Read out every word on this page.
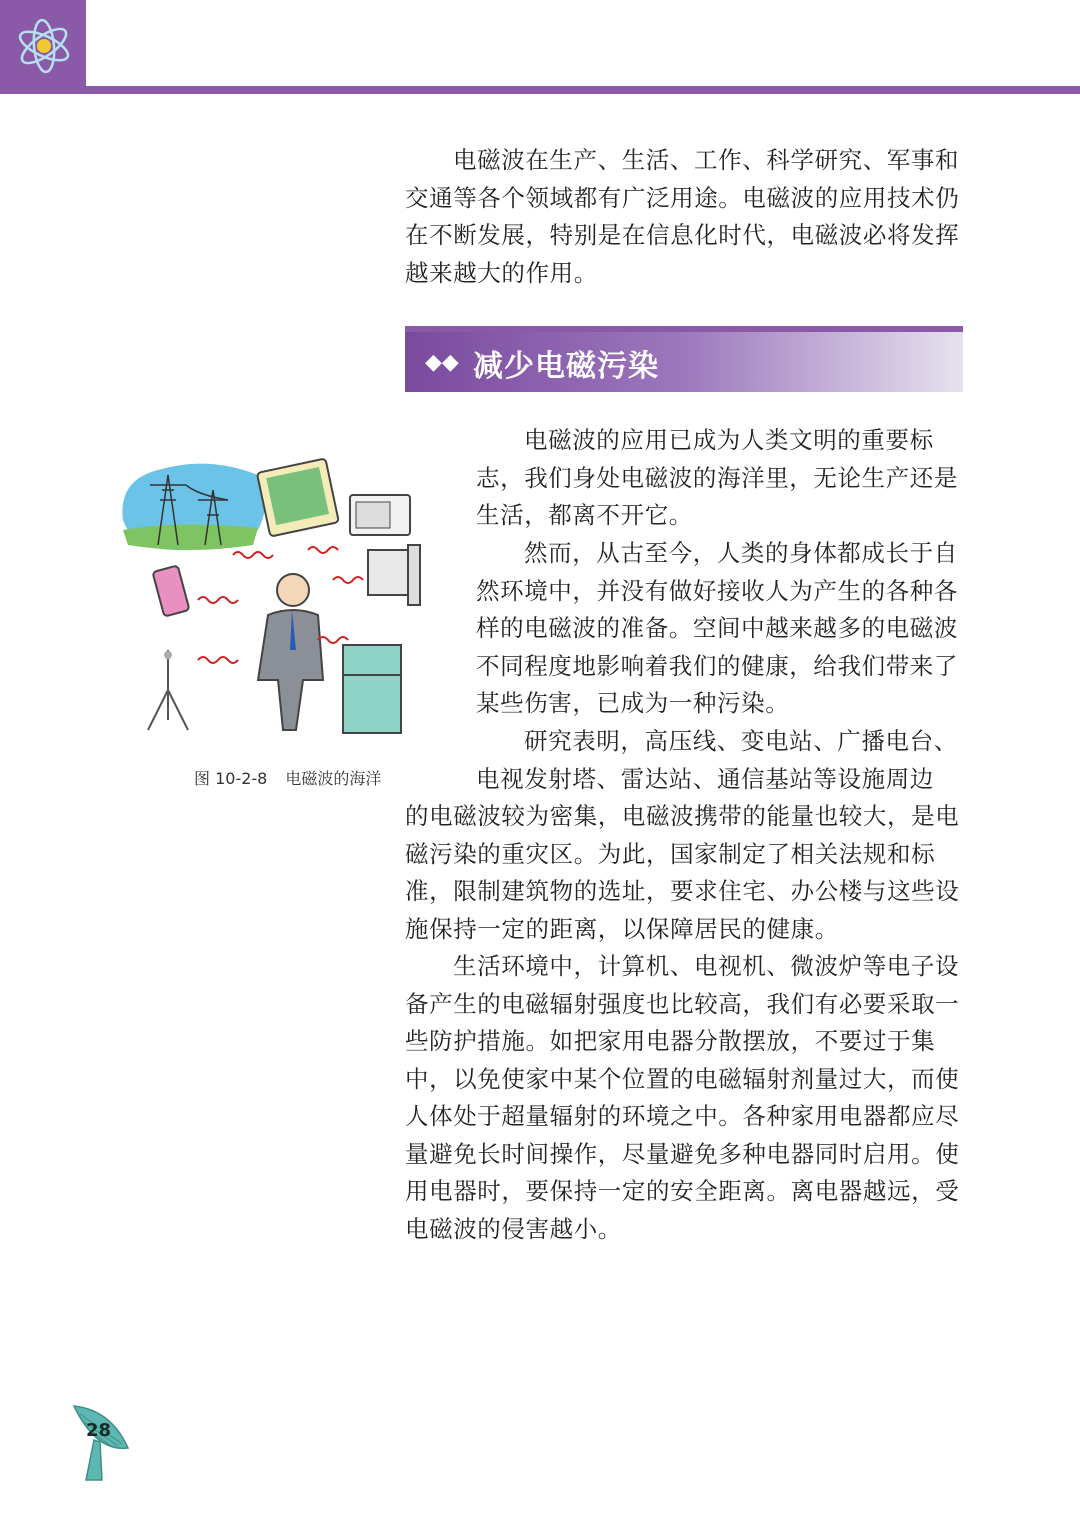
电磁波在生产、生活、工作、科学研究、军事和交通等各个领域都有广泛用途。电磁波的应用技术仍在不断发展，特别是在信息化时代，电磁波必将发挥越来越大的作用。

◆◆ 减少电磁污染
图 10-2-8 电磁波的海洋

电磁波的应用已成为人类文明的重要标志，我们身处电磁波的海洋里，无论生产还是生活，都离不开它。

然而，从古至今，人类的身体都成长于自然环境中，并没有做好接收人为产生的各种各样的电磁波的准备。空间中越来越多的电磁波不同程度地影响着我们的健康，给我们带来了某些伤害，已成为一种污染。

研究表明，高压线、变电站、广播电台、电视发射塔、雷达站、通信基站等设施周边

的电磁波较为密集，电磁波携带的能量也较大，是电磁污染的重灾区。为此，国家制定了相关法规和标准，限制建筑物的选址，要求住宅、办公楼与这些设施保持一定的距离，以保障居民的健康。

生活环境中，计算机、电视机、微波炉等电子设备产生的电磁辐射强度也比较高，我们有必要采取一些防护措施。如把家用电器分散摆放，不要过于集中，以免使家中某个位置的电磁辐射剂量过大，而使人体处于超量辐射的环境之中。各种家用电器都应尽量避免长时间操作，尽量避免多种电器同时启用。使用电器时，要保持一定的安全距离。离电器越远，受电磁波的侵害越小。

28
